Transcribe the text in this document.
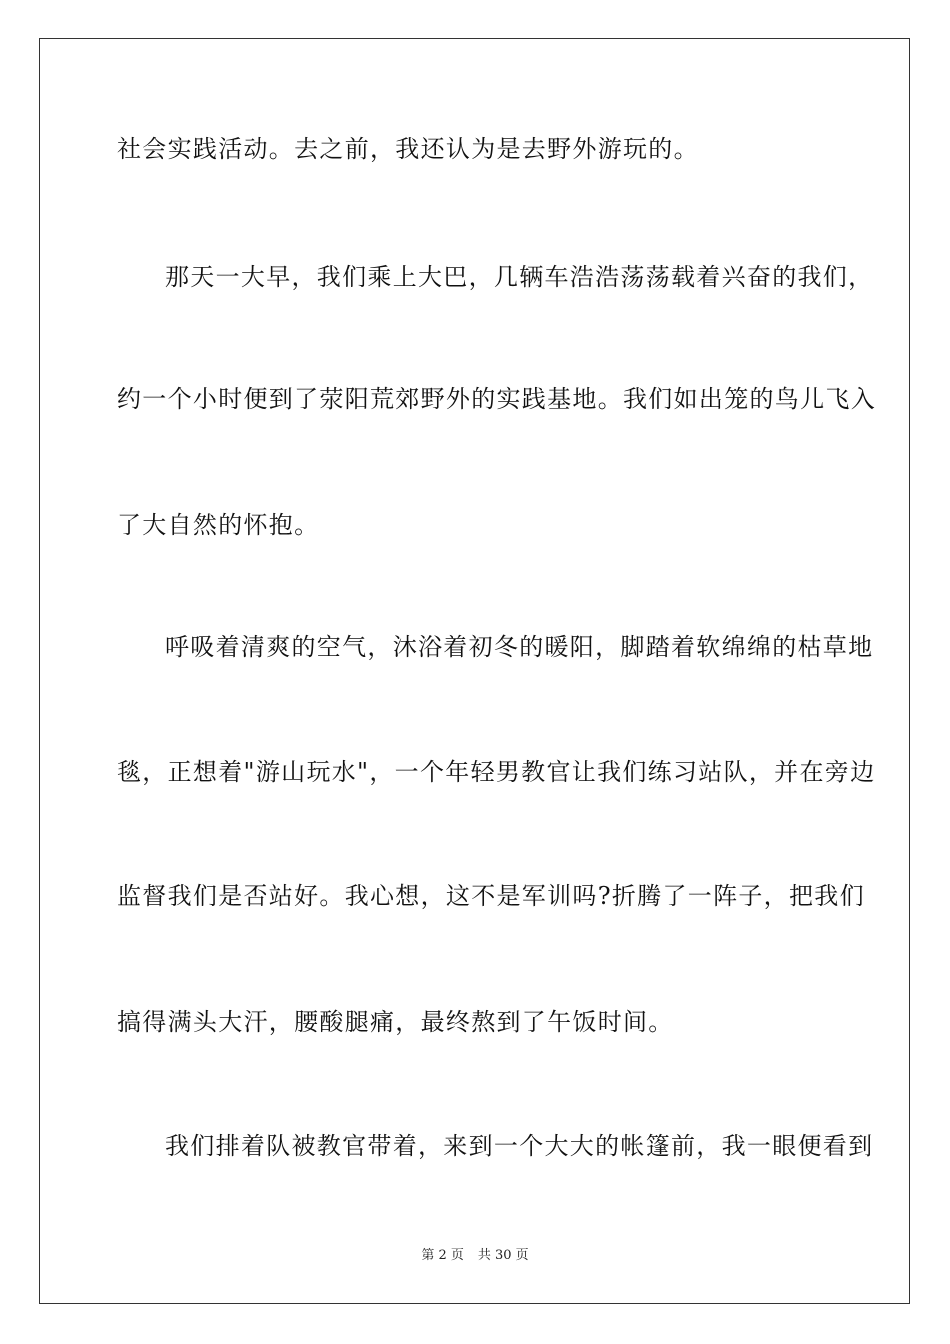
社会实践活动。去之前，我还认为是去野外游玩的。
那天一大早，我们乘上大巴，几辆车浩浩荡荡载着兴奋的我们，
约一个小时便到了荥阳荒郊野外的实践基地。我们如出笼的鸟儿飞入
了大自然的怀抱。
呼吸着清爽的空气，沐浴着初冬的暖阳，脚踏着软绵绵的枯草地
毯，正想着"游山玩水"，一个年轻男教官让我们练习站队，并在旁边
监督我们是否站好。我心想，这不是军训吗?折腾了一阵子，把我们
搞得满头大汗，腰酸腿痛，最终熬到了午饭时间。
我们排着队被教官带着，来到一个大大的帐篷前，我一眼便看到
第 2 页 共 30 页
